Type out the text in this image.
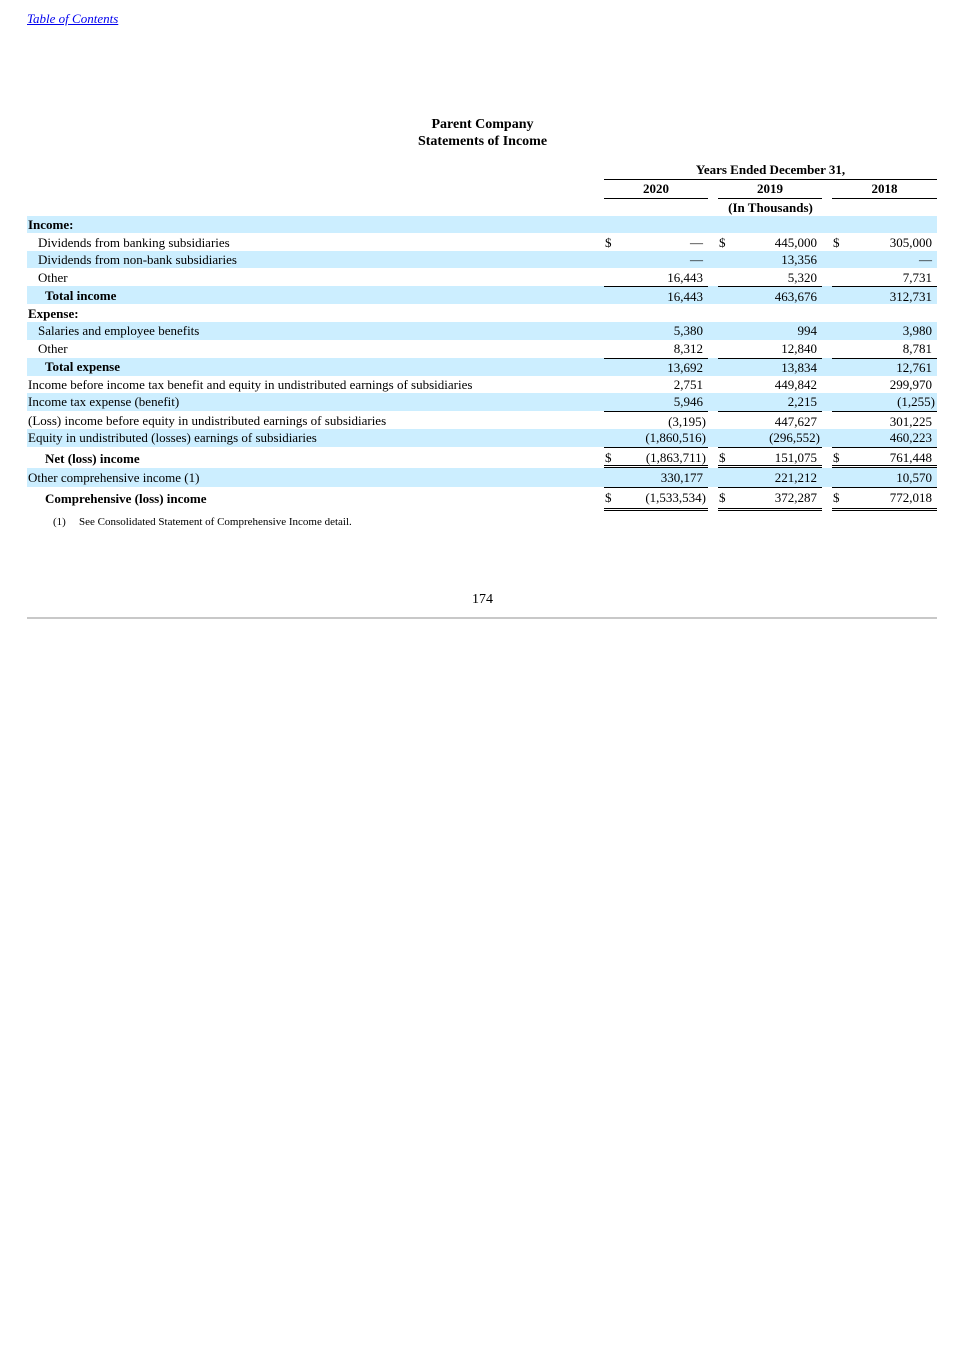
Table of Contents
Parent Company
Statements of Income
Years Ended December 31,
2020	2019	2018
(In Thousands)
Income:
Dividends from banking subsidiaries	$	— $	445,000 $	305,000
Dividends from non-bank subsidiaries	—	13,356	—
Other	16,443	5,320	7,731
Total income	16,443	463,676	312,731
Expense:
Salaries and employee benefits	5,380	994	3,980
Other	8,312	12,840	8,781
Total expense	13,692	13,834	12,761
Income before income tax benefit and equity in undistributed earnings of subsidiaries	2,751	449,842	299,970
Income tax expense (benefit)	5,946	2,215	(1,255)
(Loss) income before equity in undistributed earnings of subsidiaries	(3,195)	447,627	301,225
Equity in undistributed (losses) earnings of subsidiaries	(1,860,516)	(296,552)	460,223
Net (loss) income	$	(1,863,711) $	151,075 $	761,448
Other comprehensive income (1)	330,177	221,212	10,570
Comprehensive (loss) income	$	(1,533,534) $	372,287 $	772,018
(1) See Consolidated Statement of Comprehensive Income detail.
174
